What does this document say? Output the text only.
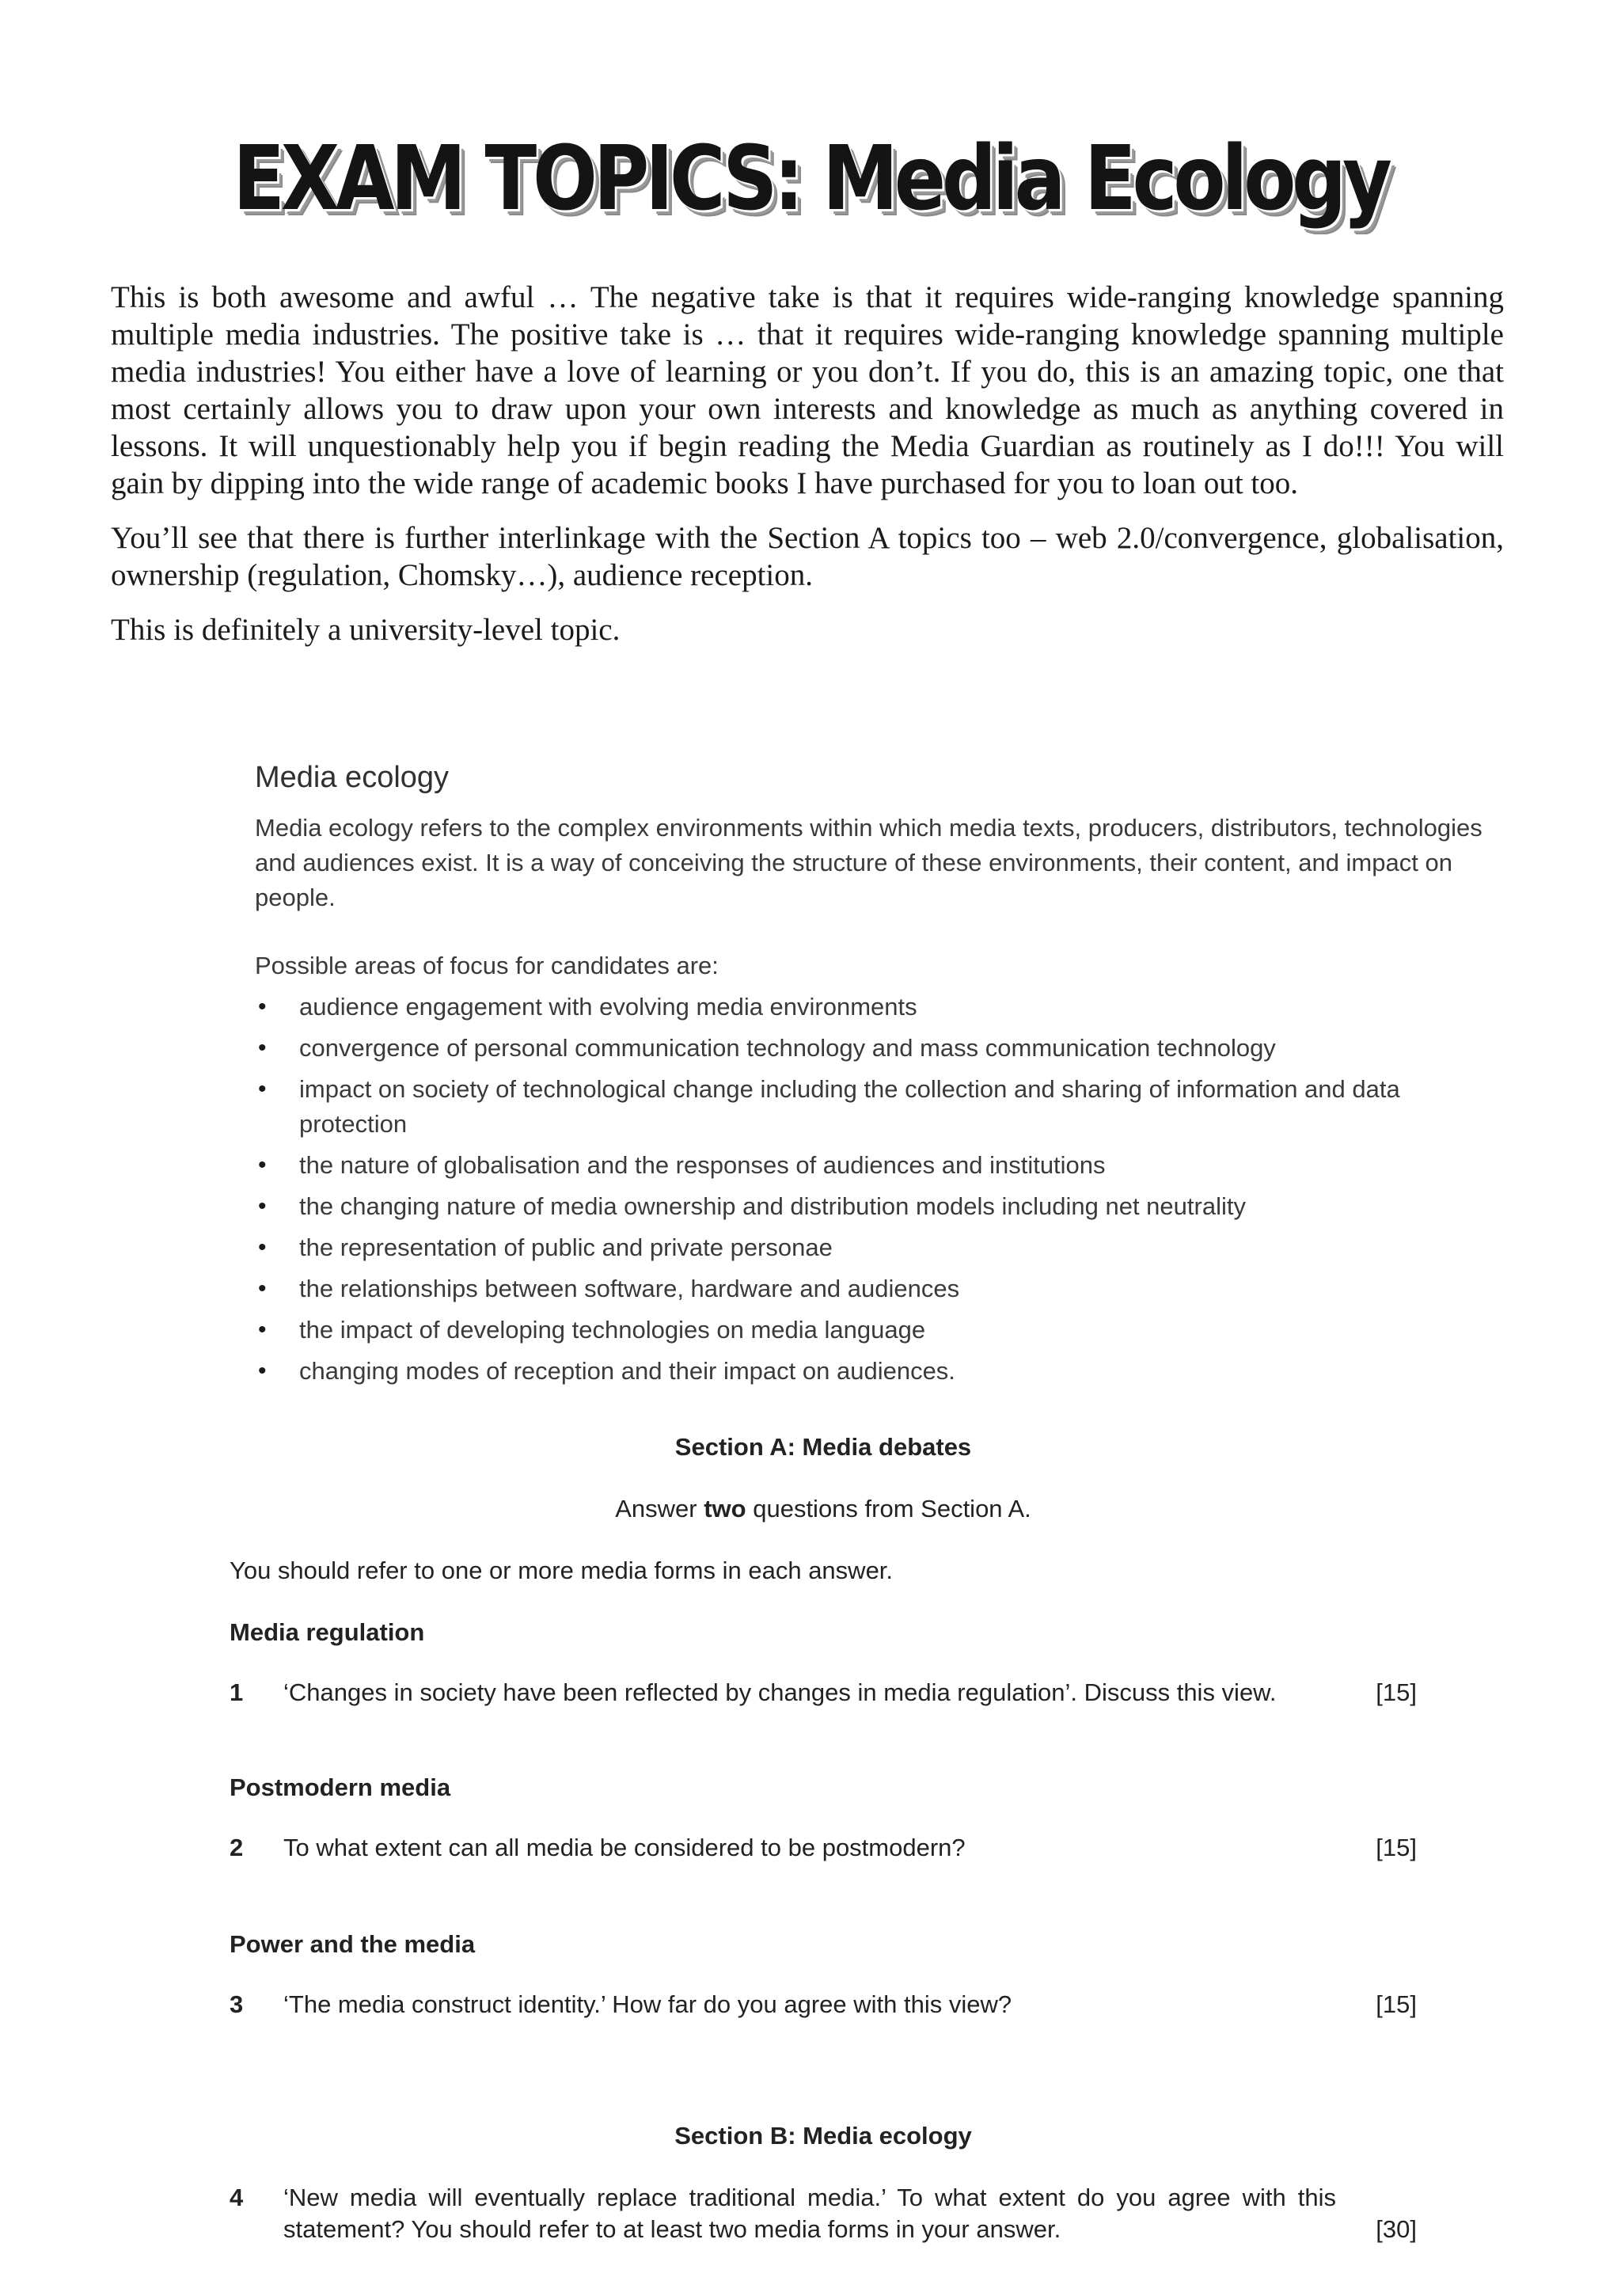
EXAM TOPICS: Media Ecology

This is both awesome and awful … The negative take is that it requires wide-ranging knowledge spanning multiple media industries. The positive take is … that it requires wide-ranging knowledge spanning multiple media industries! You either have a love of learning or you don’t. If you do, this is an amazing topic, one that most certainly allows you to draw upon your own interests and knowledge as much as anything covered in lessons. It will unquestionably help you if begin reading the Media Guardian as routinely as I do!!! You will gain by dipping into the wide range of academic books I have purchased for you to loan out too.

You’ll see that there is further interlinkage with the Section A topics too – web 2.0/convergence, globalisation, ownership (regulation, Chomsky…), audience reception.

This is definitely a university-level topic.

Media ecology

Media ecology refers to the complex environments within which media texts, producers, distributors, technologies and audiences exist. It is a way of conceiving the structure of these environments, their content, and impact on people.

Possible areas of focus for candidates are:

• audience engagement with evolving media environments
• convergence of personal communication technology and mass communication technology
• impact on society of technological change including the collection and sharing of information and data protection
• the nature of globalisation and the responses of audiences and institutions
• the changing nature of media ownership and distribution models including net neutrality
• the representation of public and private personae
• the relationships between software, hardware and audiences
• the impact of developing technologies on media language
• changing modes of reception and their impact on audiences.
Section A: Media debates
Answer two questions from Section A.
You should refer to one or more media forms in each answer.
Media regulation
1 ‘Changes in society have been reflected by changes in media regulation’. Discuss this view.	[15]
Postmodern media
2 To what extent can all media be considered to be postmodern?	[15]
Power and the media
3 ‘The media construct identity.’ How far do you agree with this view?	[15]
Section B: Media ecology
4 ‘New media will eventually replace traditional media.’ To what extent do you agree with this statement? You should refer to at least two media forms in your answer.	[30]
